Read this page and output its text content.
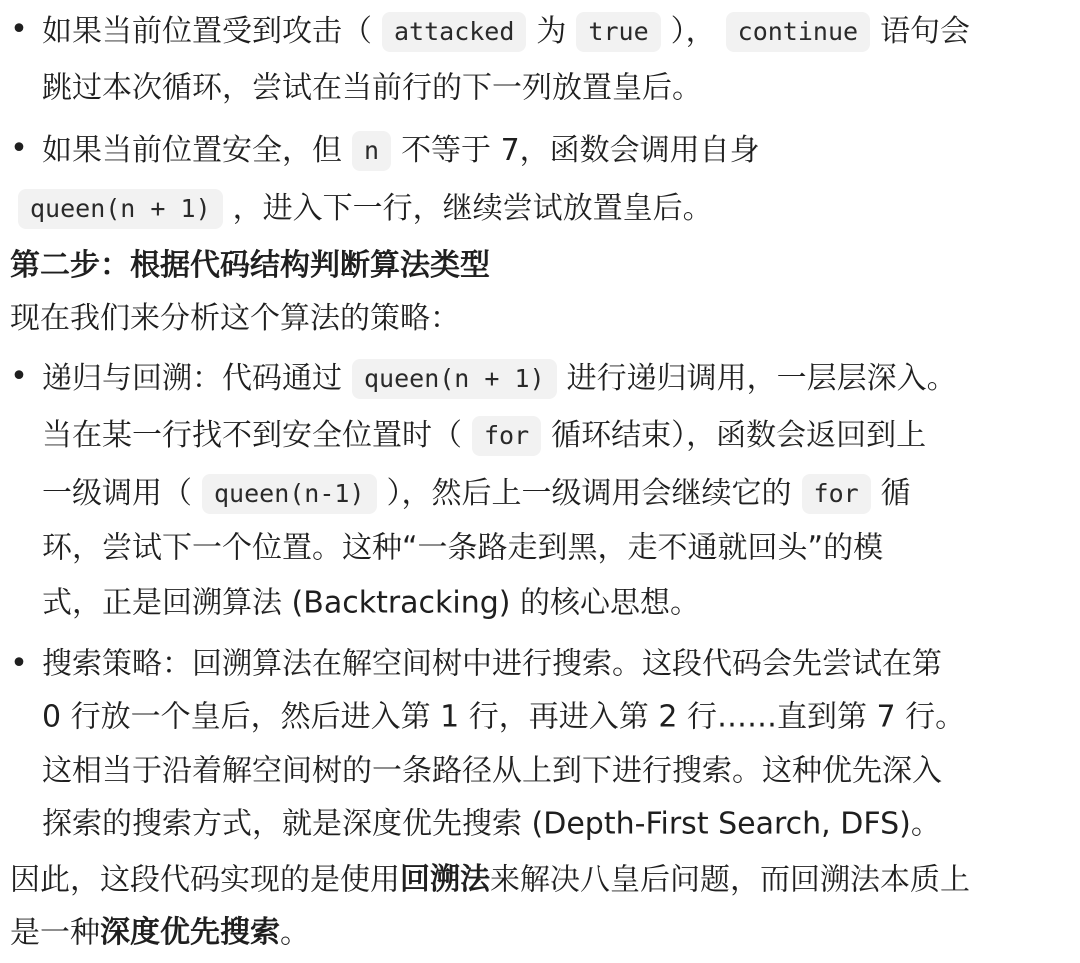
• 如果当前位置受到攻击（ attacked 为 true ）， continue 语句会
跳过本次循环，尝试在当前行的下一列放置皇后。
• 如果当前位置安全，但 n 不等于 7，函数会调用自身
queen(n + 1) ，进入下一行，继续尝试放置皇后。
第二步：根据代码结构判断算法类型
现在我们来分析这个算法的策略：
• 递归与回溯：代码通过 queen(n + 1) 进行递归调用，一层层深入。
当在某一行找不到安全位置时（ for 循环结束），函数会返回到上
一级调用（ queen(n-1) ），然后上一级调用会继续它的 for 循
环，尝试下一个位置。这种“一条路走到黑，走不通就回头”的模
式，正是回溯算法 (Backtracking) 的核心思想。
• 搜索策略：回溯算法在解空间树中进行搜索。这段代码会先尝试在第
0 行放一个皇后，然后进入第 1 行，再进入第 2 行……直到第 7 行。
这相当于沿着解空间树的一条路径从上到下进行搜索。这种优先深入
探索的搜索方式，就是深度优先搜索 (Depth-First Search, DFS)。
因此，这段代码实现的是使用回溯法来解决八皇后问题，而回溯法本质上
是一种深度优先搜索。
